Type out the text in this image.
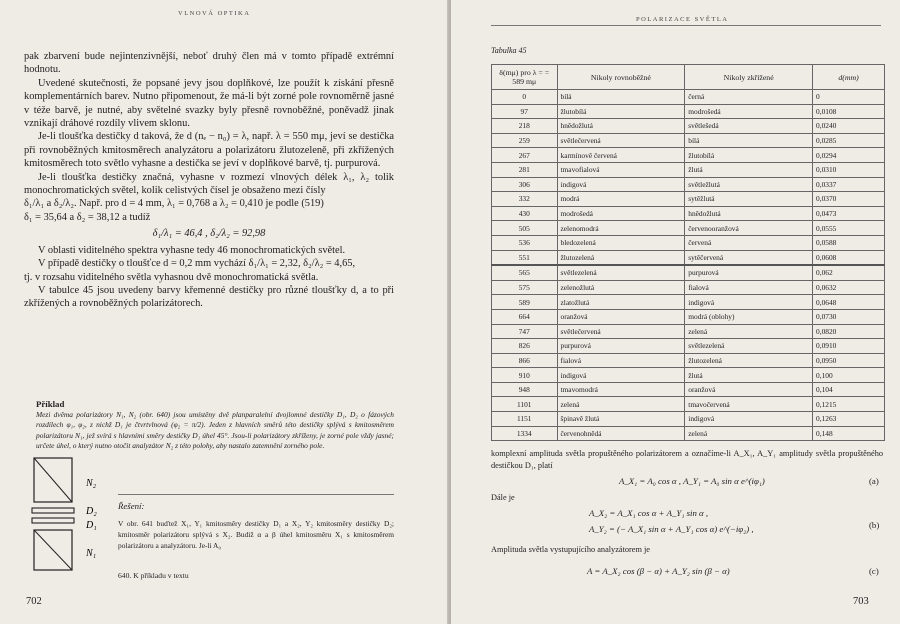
VLNOVÁ OPTIKA

pak zbarvení bude nejintenzivnější, neboť druhý člen má v tomto případě extrémní hodnotu.

Uvedené skutečnosti, že popsané jevy jsou doplňkové, lze použít k získání přesně komplementárních barev. Nutno připomenout, že má-li být zorné pole rovnoměrně jasné v téže barvě, je nutné, aby světelné svazky byly přesně rovnoběžné, poněvadž jinak vznikají dráhové rozdíly vlivem sklonu.

Je-li tloušťka destičky d taková, že d (nₑ − n₀) = λ, např. λ = 550 mμ, jeví se destička při rovnoběžných kmitosměrech analyzátoru a polarizátoru žlutozeleně, při zkřížených kmitosměrech toto světlo vyhasne a destička se jeví v doplňkové barvě, tj. purpurová.

Je-li tloušťka destičky značná, vyhasne v rozmezí vlnových délek λ₁, λ₂ tolik monochromatických světel, kolik celistvých čísel je obsaženo mezi čísly

δ₁/λ₁ a δ₂/λ₂. Např. pro d = 4 mm, λ₁ = 0,768 a λ₂ = 0,410 je podle (519)

δ₁ = 35,64 a δ₂ = 38,12 a tudíž

δ₁/λ₁ = 46,4 , δ₂/λ₂ = 92,98

V oblasti viditelného spektra vyhasne tedy 46 monochromatických světel.

V případě destičky o tloušťce d = 0,2 mm vychází δ₁/λ₁ = 2,32, δ₂/λ₂ = 4,65,

tj. v rozsahu viditelného světla vyhasnou dvě monochromatická světla.

V tabulce 45 jsou uvedeny barvy křemenné destičky pro různé tloušťky d, a to při zkřížených a rovnoběžných polarizátorech.

Příklad
Mezi dvěma polarizátory N₁, N₂ (obr. 640) jsou umístěny dvě planparalelní dvojlomné destičky D₁, D₂ o fázových rozdílech φ₁, φ₂, z nichž D₁ je čtvrtvlnová (φ₂ = π/2). Jeden z hlavních směrů této destičky splývá s kmitosměrem polarizátoru N₁, jež svírá s hlavními směry destičky D₁ úhel 45°. Jsou-li polarizátory zkříženy, je zorné pole vždy jasné; určete úhel, o který nutno otočit analyzátor N₂ z této polohy, aby nastalo zatemnění zorného pole.
Řešení:
V obr. 641 buďtež X₁, Y₁ kmitosměry destičky D₁ a X₂, Y₂ kmitosměry destičky D₂; kmitosměr polarizátoru splývá s X₂. Budiž α a β úhel kmitosměru X₁ s kmitosměrem polarizátoru a analyzátoru. Je-li A₀
N₂
D₂
D₁
N₁
640. K příkladu v textu
702
POLARIZACE SVĚTLA
Tabulka 45
δ(mμ) pro λ = = 589 mμ	Nikoly rovnoběžné	Nikoly zkřížené	d(mm)
0	bílá	černá	0
97	žlutobílá	modrošedá	0,0108
218	hnědožlutá	světlešedá	0,0240
259	světlečervená	bílá	0,0285
267	karmínově červená	žlutobílá	0,0294
281	tmavofialová	žlutá	0,0310
306	indigová	světležlutá	0,0337
332	modrá	sytěžlutá	0,0370
430	modrošedá	hnědožlutá	0,0473
505	zelenomodrá	červenooranžová	0,0555
536	bledozelená	červená	0,0588
551	žlutozelená	sytěčervená	0,0608
565	světlezelená	purpurová	0,062
575	zelenožlutá	fialová	0,0632
589	zlatožlutá	indigová	0,0648
664	oranžová	modrá (oblohy)	0,0730
747	světlečervená	zelená	0,0820
826	purpurová	světlezelená	0,0910
866	fialová	žlutozelená	0,0950
910	indigová	žlutá	0,100
948	tmavomodrá	oranžová	0,104
1101	zelená	tmavočervená	0,1215
1151	špinavě žlutá	indigová	0,1263
1334	červenohnědá	zelená	0,148
komplexní amplituda světla propuštěného polarizátorem a označíme-li A_X₁, A_Y₁ amplitudy světla propuštěného destičkou D₁, platí
A_X₁ = A₀ cos α , A_Y₁ = A₀ sin α e^(iφ₁)	(a)
Dále je
A_X₂ = A_X₁ cos α + A_Y₁ sin α ,
A_Y₂ = (− A_X₁ sin α + A_Y₁ cos α) e^(−iφ₂) ,	(b)
Amplituda světla vystupujícího analyzátorem je
A = A_X₂ cos (β − α) + A_Y₂ sin (β − α)	(c)
703
